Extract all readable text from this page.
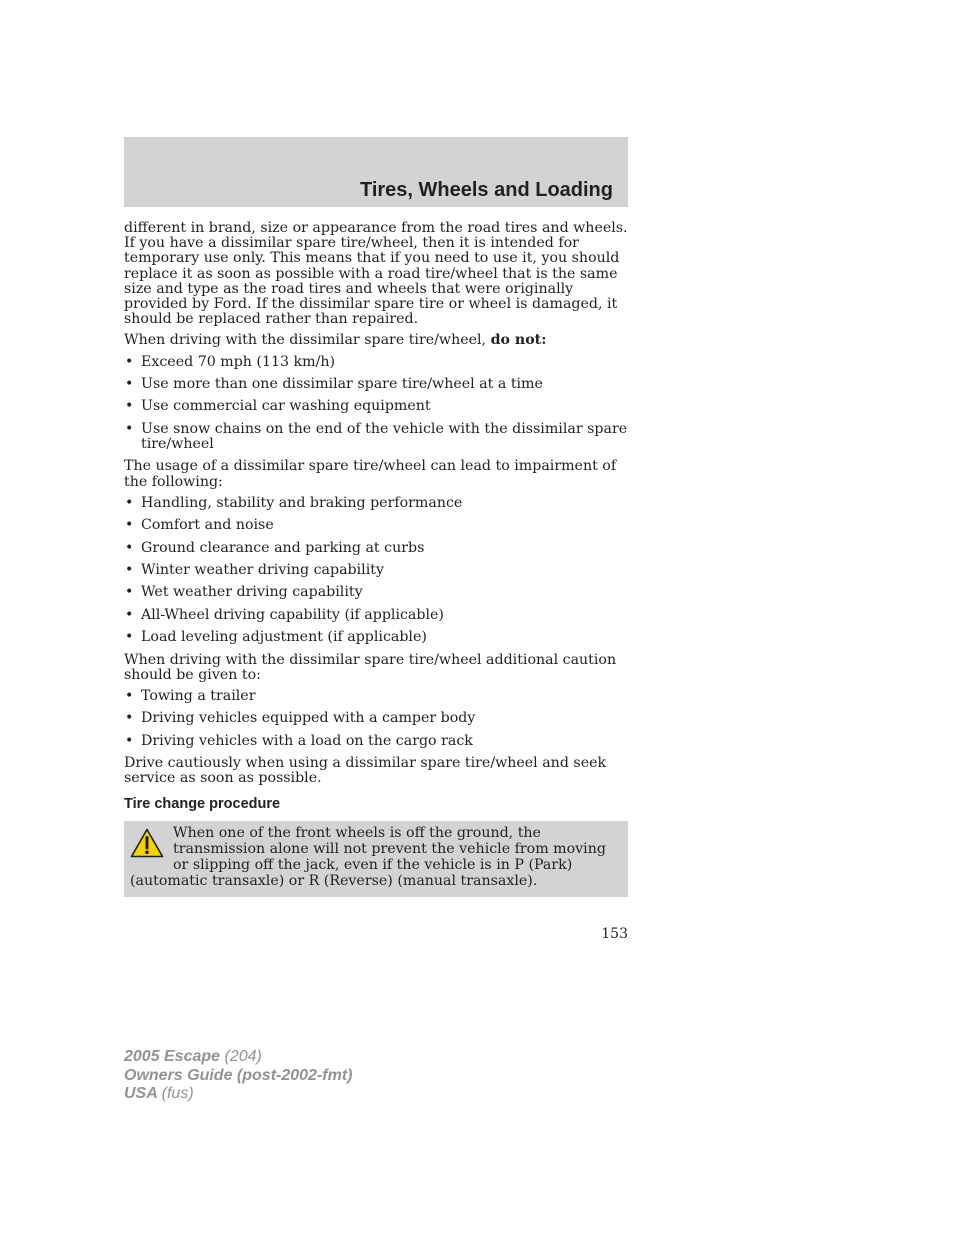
Tires, Wheels and Loading

different in brand, size or appearance from the road tires and wheels. If you have a dissimilar spare tire/wheel, then it is intended for temporary use only. This means that if you need to use it, you should replace it as soon as possible with a road tire/wheel that is the same size and type as the road tires and wheels that were originally provided by Ford. If the dissimilar spare tire or wheel is damaged, it should be replaced rather than repaired.

When driving with the dissimilar spare tire/wheel, do not:

• Exceed 70 mph (113 km/h)
• Use more than one dissimilar spare tire/wheel at a time
• Use commercial car washing equipment
• Use snow chains on the end of the vehicle with the dissimilar spare tire/wheel

The usage of a dissimilar spare tire/wheel can lead to impairment of the following:

• Handling, stability and braking performance
• Comfort and noise
• Ground clearance and parking at curbs
• Winter weather driving capability
• Wet weather driving capability
• All-Wheel driving capability (if applicable)
• Load leveling adjustment (if applicable)

When driving with the dissimilar spare tire/wheel additional caution should be given to:

• Towing a trailer
• Driving vehicles equipped with a camper body
• Driving vehicles with a load on the cargo rack

Drive cautiously when using a dissimilar spare tire/wheel and seek service as soon as possible.

Tire change procedure
When one of the front wheels is off the ground, the transmission alone will not prevent the vehicle from moving or slipping off the jack, even if the vehicle is in P (Park) (automatic transaxle) or R (Reverse) (manual transaxle).
153
2005 Escape (204)
Owners Guide (post-2002-fmt)
USA (fus)
